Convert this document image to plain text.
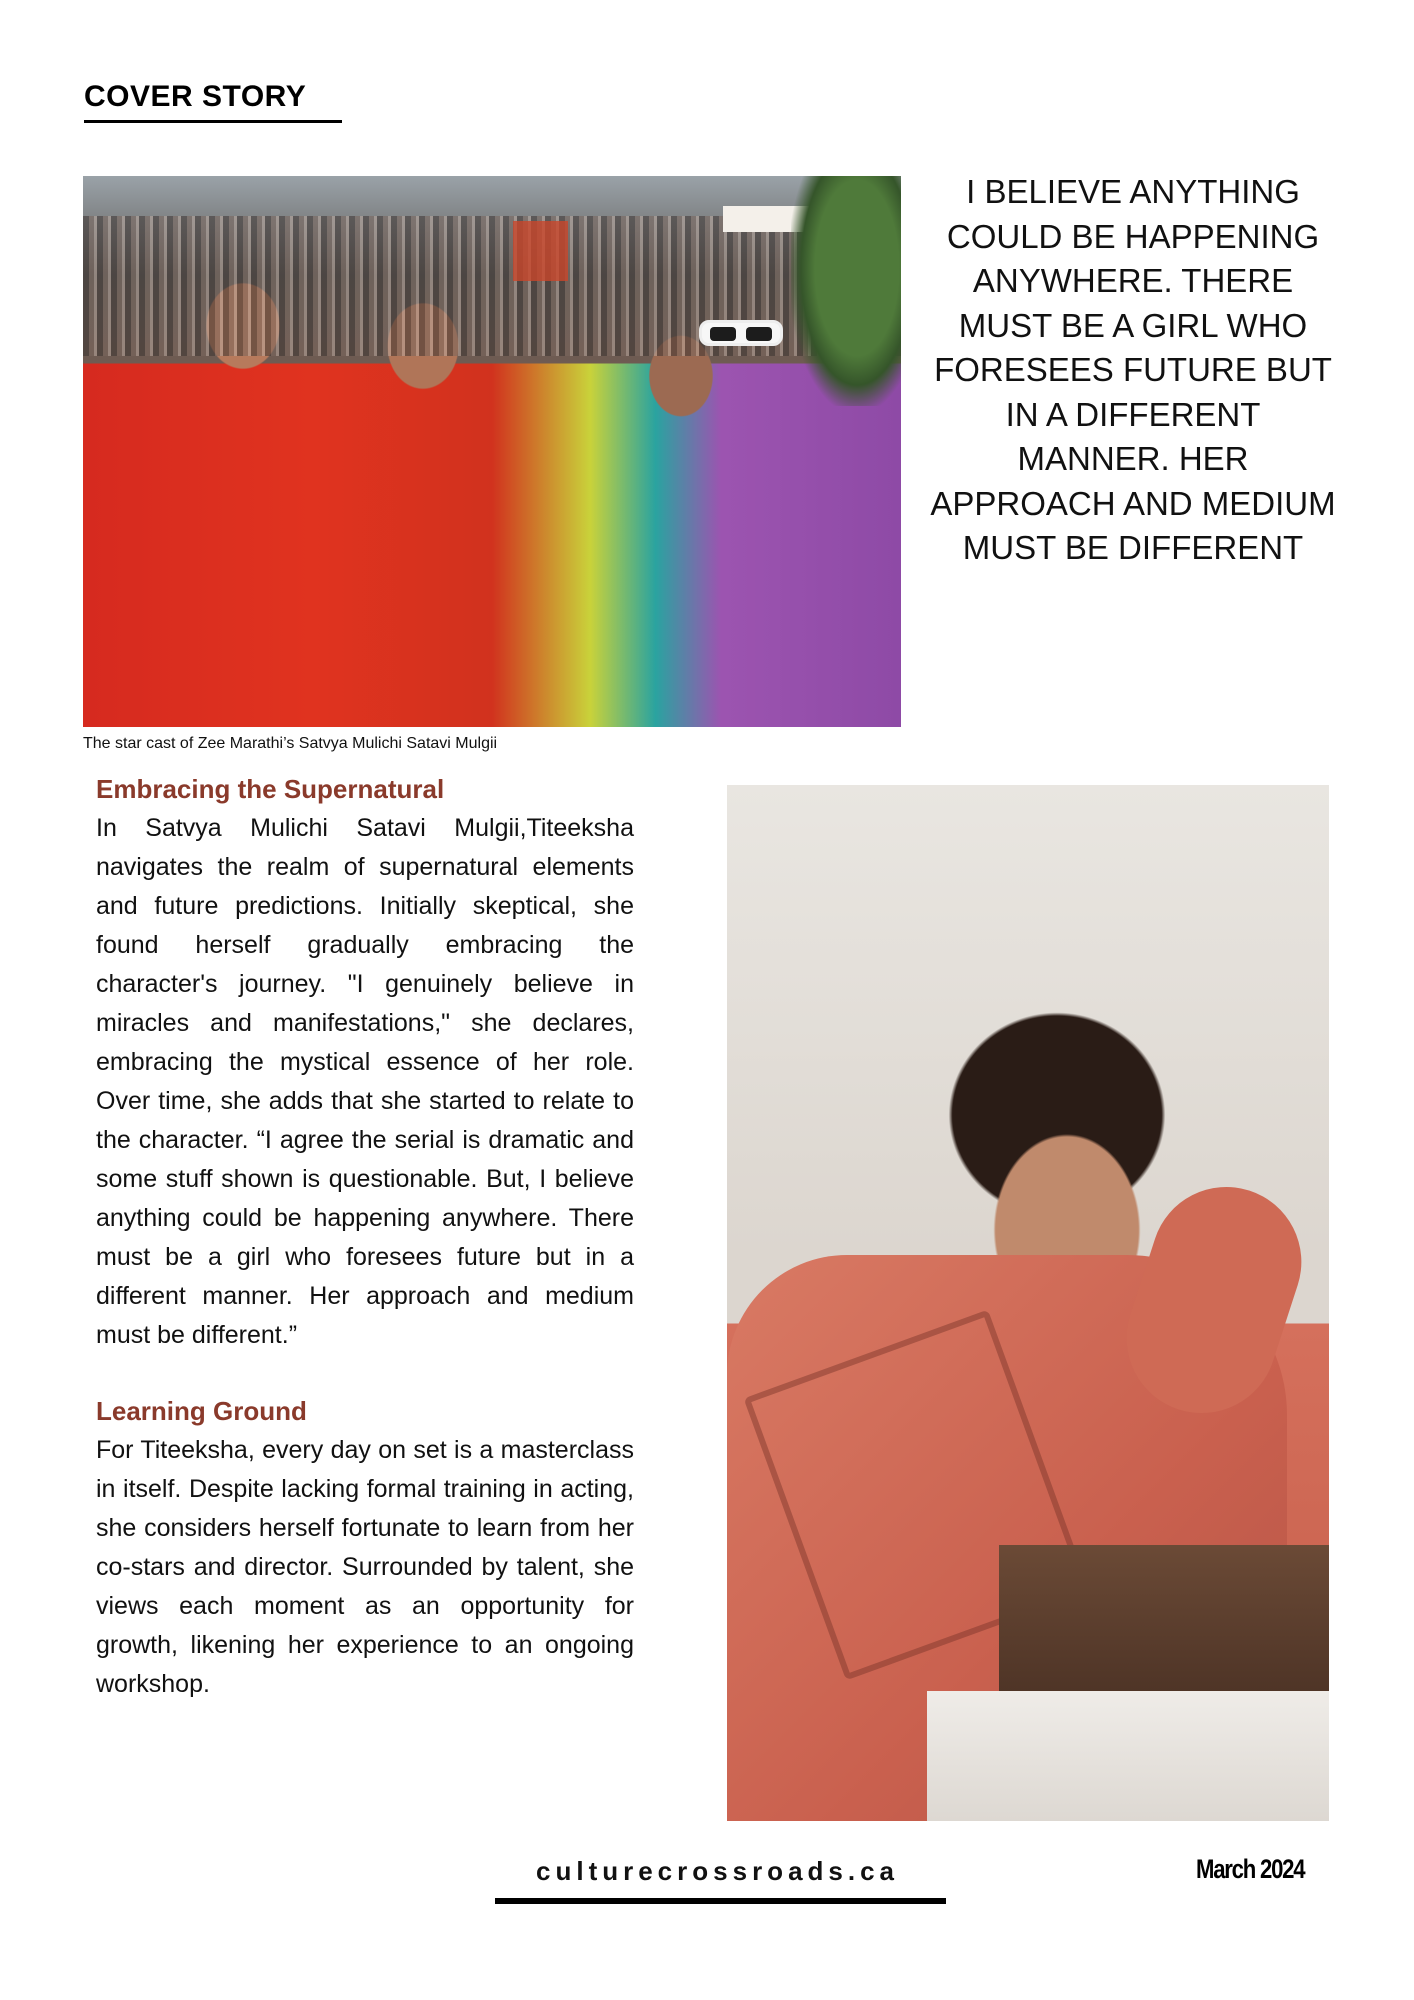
COVER STORY
The star cast of Zee Marathi’s Satvya Mulichi Satavi Mulgii
I BELIEVE ANYTHING COULD BE HAPPENING ANYWHERE. THERE MUST BE A GIRL WHO FORESEES FUTURE BUT IN A DIFFERENT MANNER. HER APPROACH AND MEDIUM MUST BE DIFFERENT
Embracing the Supernatural

In Satvya Mulichi Satavi Mulgii,Titeeksha navigates the realm of supernatural elements and future predictions. Initially skeptical, she found herself gradually embracing the character's journey. "I genuinely believe in miracles and manifestations," she declares, embracing the mystical essence of her role. Over time, she adds that she started to relate to the character. “I agree the serial is dramatic and some stuff shown is questionable. But, I believe anything could be happening anywhere. There must be a girl who foresees future but in a different manner. Her approach and medium must be different.”

Learning Ground

For Titeeksha, every day on set is a masterclass in itself. Despite lacking formal training in acting, she considers herself fortunate to learn from her co-stars and director. Surrounded by talent, she views each moment as an opportunity for growth, likening her experience to an ongoing workshop.

culturecrossroads.ca	March 2024
